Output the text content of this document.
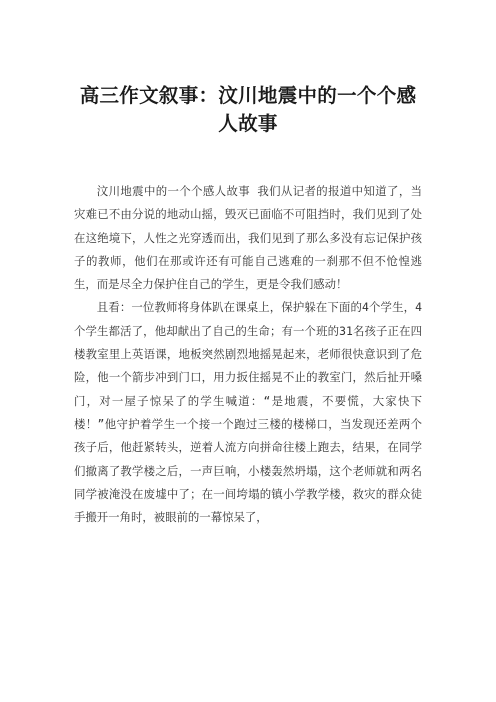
高三作文叙事：汶川地震中的一个个感人故事

汶川地震中的一个个感人故事 我们从记者的报道中知道了，当灾难已不由分说的地动山摇，毁灭已面临不可阻挡时，我们见到了处在这绝境下，人性之光穿透而出，我们见到了那么多没有忘记保护孩子的教师，他们在那或许还有可能自己逃难的一刹那不但不怆惶逃生，而是尽全力保护住自己的学生，更是令我们感动！

且看：一位教师将身体趴在课桌上，保护躲在下面的4个学生，4个学生都活了，他却献出了自己的生命；有一个班的31名孩子正在四楼教室里上英语课，地板突然剧烈地摇晃起来，老师很快意识到了危险，他一个箭步冲到门口，用力扳住摇晃不止的教室门，然后扯开嗓门，对一屋子惊呆了的学生喊道：“是地震，不要慌，大家快下楼！”他守护着学生一个接一个跑过三楼的楼梯口，当发现还差两个孩子后，他赶紧转头，逆着人流方向拼命往楼上跑去，结果，在同学们撤离了教学楼之后，一声巨响，小楼轰然坍塌，这个老师就和两名同学被淹没在废墟中了；在一间垮塌的镇小学教学楼，救灾的群众徒手搬开一角时，被眼前的一幕惊呆了，
